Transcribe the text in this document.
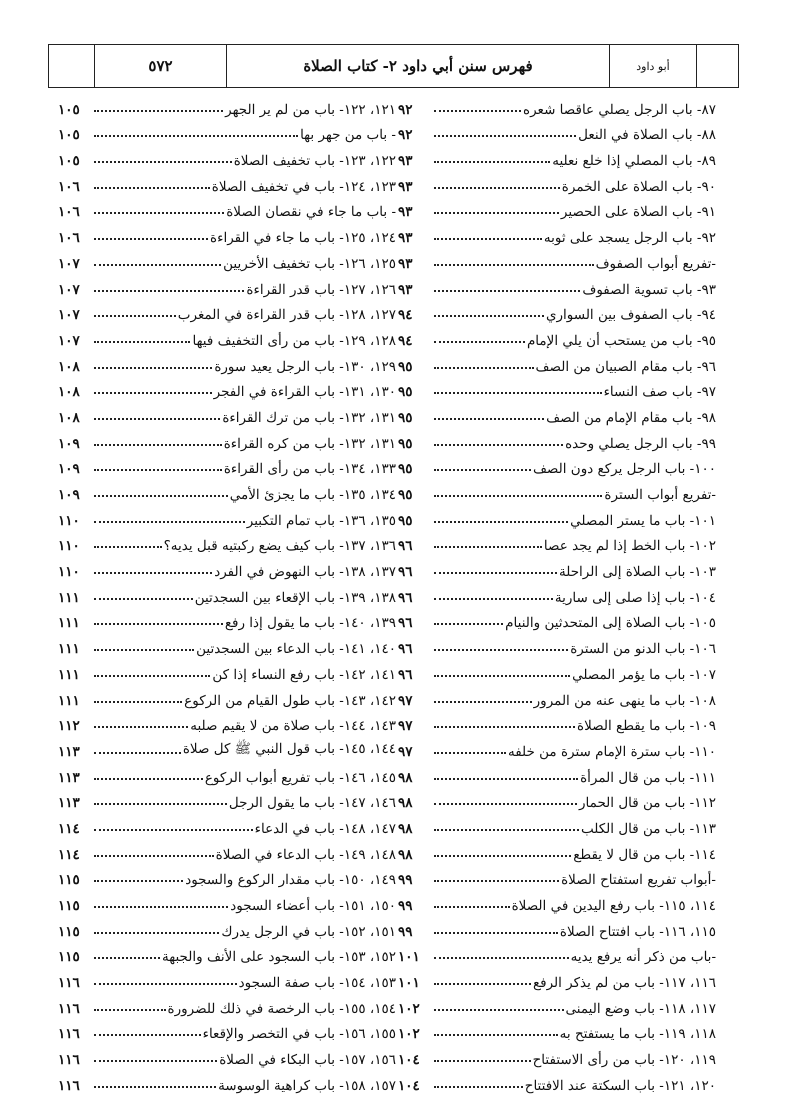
٥٧٢	فهرس سنن أبي داود ٢- كتاب الصلاة	أبو داود
٨٧- باب الرجل يصلي عاقصا شعره
٩٢
٨٨- باب الصلاة في النعل
٩٢
٨٩- باب المصلي إذا خلع نعليه
٩٣
٩٠- باب الصلاة على الخمرة
٩٣
٩١- باب الصلاة على الحصير
٩٣
٩٢- باب الرجل يسجد على ثوبه
٩٣
-تفريع أبواب الصفوف
٩٣
٩٣- باب تسوية الصفوف
٩٣
٩٤- باب الصفوف بين السواري
٩٤
٩٥- باب من يستحب أن يلي الإمام
٩٤
٩٦- باب مقام الصبيان من الصف
٩٥
٩٧- باب صف النساء
٩٥
٩٨- باب مقام الإمام من الصف
٩٥
٩٩- باب الرجل يصلي وحده
٩٥
١٠٠- باب الرجل يركع دون الصف
٩٥
-تفريع أبواب السترة
٩٥
١٠١- باب ما يستر المصلي
٩٥
١٠٢- باب الخط إذا لم يجد عصا
٩٦
١٠٣- باب الصلاة إلى الراحلة
٩٦
١٠٤- باب إذا صلى إلى سارية
٩٦
١٠٥- باب الصلاة إلى المتحدثين والنيام
٩٦
١٠٦- باب الدنو من السترة
٩٦
١٠٧- باب ما يؤمر المصلي
٩٦
١٠٨- باب ما ينهى عنه من المرور
٩٧
١٠٩- باب ما يقطع الصلاة
٩٧
١١٠- باب سترة الإمام سترة من خلفه
٩٧
١١١- باب من قال المرأة
٩٨
١١٢- باب من قال الحمار
٩٨
١١٣- باب من قال الكلب
٩٨
١١٤- باب من قال لا يقطع
٩٨
-أبواب تفريع استفتاح الصلاة
٩٩
١١٤، ١١٥- باب رفع اليدين في الصلاة
٩٩
١١٥، ١١٦- باب افتتاح الصلاة
٩٩
-باب من ذكر أنه يرفع يديه
١٠١
١١٦، ١١٧- باب من لم يذكر الرفع
١٠١
١١٧، ١١٨- باب وضع اليمنى
١٠٢
١١٨، ١١٩- باب ما يستفتح به
١٠٢
١١٩، ١٢٠- باب من رأى الاستفتاح
١٠٤
١٢٠، ١٢١- باب السكتة عند الافتتاح
١٠٤
١٢١، ١٢٢- باب من لم ير الجهر
١٠٥
- باب من جهر بها
١٠٥
١٢٢، ١٢٣- باب تخفيف الصلاة
١٠٥
١٢٣، ١٢٤- باب في تخفيف الصلاة
١٠٦
- باب ما جاء في نقصان الصلاة
١٠٦
١٢٤، ١٢٥- باب ما جاء في القراءة
١٠٦
١٢٥، ١٢٦- باب تخفيف الأخريين
١٠٧
١٢٦، ١٢٧- باب قدر القراءة
١٠٧
١٢٧، ١٢٨- باب قدر القراءة في المغرب
١٠٧
١٢٨، ١٢٩- باب من رأى التخفيف فيها
١٠٧
١٢٩، ١٣٠- باب الرجل يعيد سورة
١٠٨
١٣٠، ١٣١- باب القراءة في الفجر
١٠٨
١٣١، ١٣٢- باب من ترك القراءة
١٠٨
١٣١، ١٣٢- باب من كره القراءة
١٠٩
١٣٣، ١٣٤- باب من رأى القراءة
١٠٩
١٣٤، ١٣٥- باب ما يجزئ الأمي
١٠٩
١٣٥، ١٣٦- باب تمام التكبير
١١٠
١٣٦، ١٣٧- باب كيف يضع ركبتيه قبل يديه؟
١١٠
١٣٧، ١٣٨- باب النهوض في الفرد
١١٠
١٣٨، ١٣٩- باب الإقعاء بين السجدتين
١١١
١٣٩، ١٤٠- باب ما يقول إذا رفع
١١١
١٤٠، ١٤١- باب الدعاء بين السجدتين
١١١
١٤١، ١٤٢- باب رفع النساء إذا كن
١١١
١٤٢، ١٤٣- باب طول القيام من الركوع
١١١
١٤٣، ١٤٤- باب صلاة من لا يقيم صلبه
١١٢
١٤٤، ١٤٥- باب قول النبي ﷺ كل صلاة
١١٣
١٤٥، ١٤٦- باب تفريع أبواب الركوع
١١٣
١٤٦، ١٤٧- باب ما يقول الرجل
١١٣
١٤٧، ١٤٨- باب في الدعاء
١١٤
١٤٨، ١٤٩- باب الدعاء في الصلاة
١١٤
١٤٩، ١٥٠- باب مقدار الركوع والسجود
١١٥
١٥٠، ١٥١- باب أعضاء السجود
١١٥
١٥١، ١٥٢- باب في الرجل يدرك
١١٥
١٥٢، ١٥٣- باب السجود على الأنف والجبهة
١١٥
١٥٣، ١٥٤- باب صفة السجود
١١٦
١٥٤، ١٥٥- باب الرخصة في ذلك للضرورة
١١٦
١٥٥، ١٥٦- باب في التخصر والإقعاء
١١٦
١٥٦، ١٥٧- باب البكاء في الصلاة
١١٦
١٥٧، ١٥٨- باب كراهية الوسوسة
١١٦
